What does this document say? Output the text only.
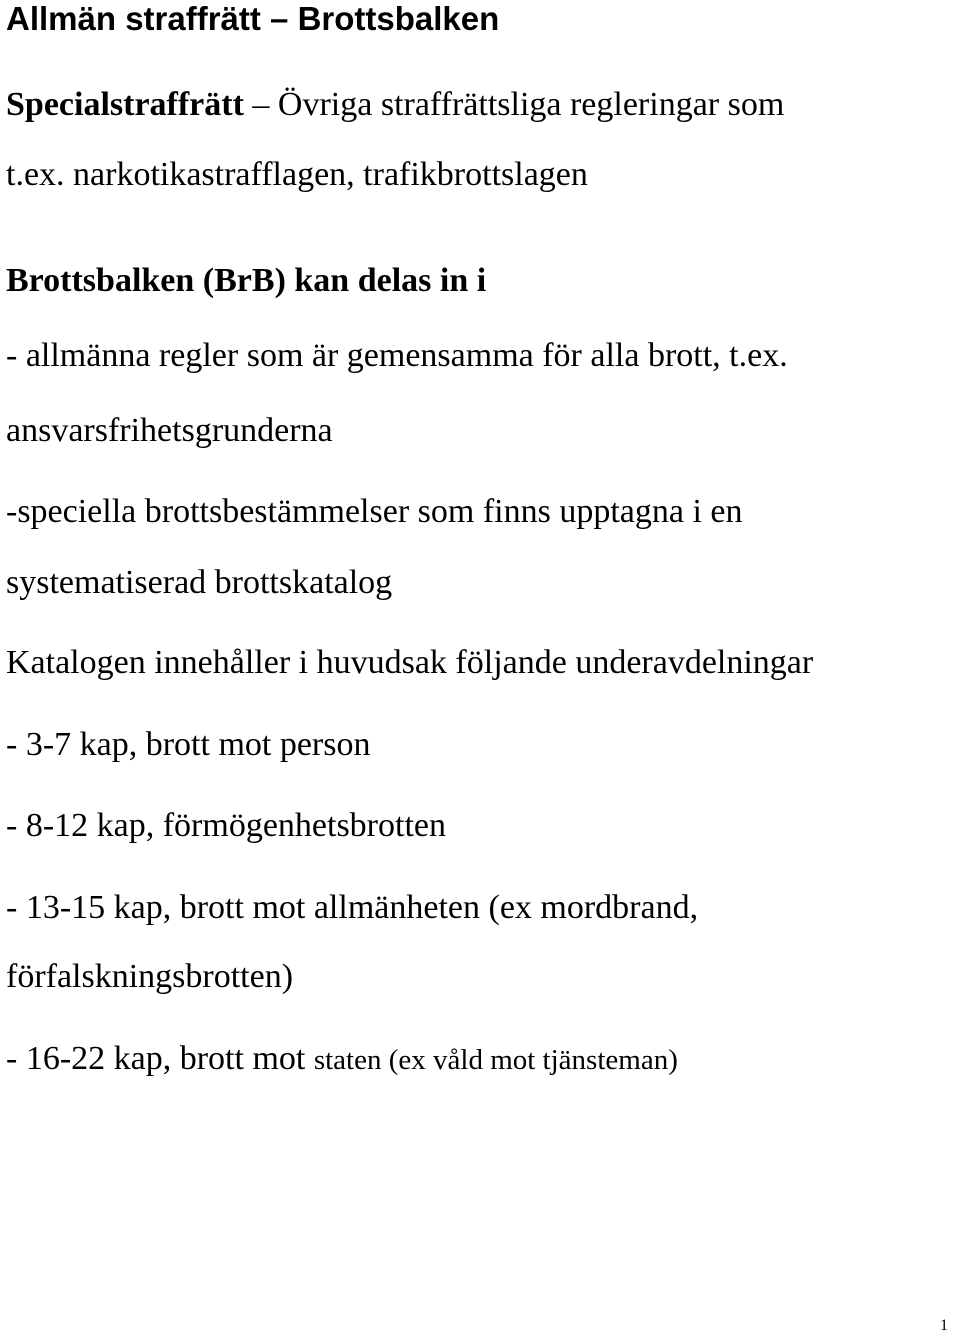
Allmän straffrätt – Brottsbalken
Specialstraffrätt – Övriga straffrättsliga regleringar som
t.ex. narkotikastrafflagen, trafikbrottslagen
Brottsbalken (BrB) kan delas in i
- allmänna regler som är gemensamma för alla brott, t.ex.
ansvarsfrihetsgrunderna
-speciella brottsbestämmelser som finns upptagna i en
systematiserad brottskatalog
Katalogen innehåller i huvudsak följande underavdelningar
- 3-7 kap, brott mot person
- 8-12 kap, förmögenhetsbrotten
- 13-15 kap, brott mot allmänheten (ex mordbrand,
förfalskningsbrotten)
- 16-22 kap, brott mot staten (ex våld mot tjänsteman)
1
